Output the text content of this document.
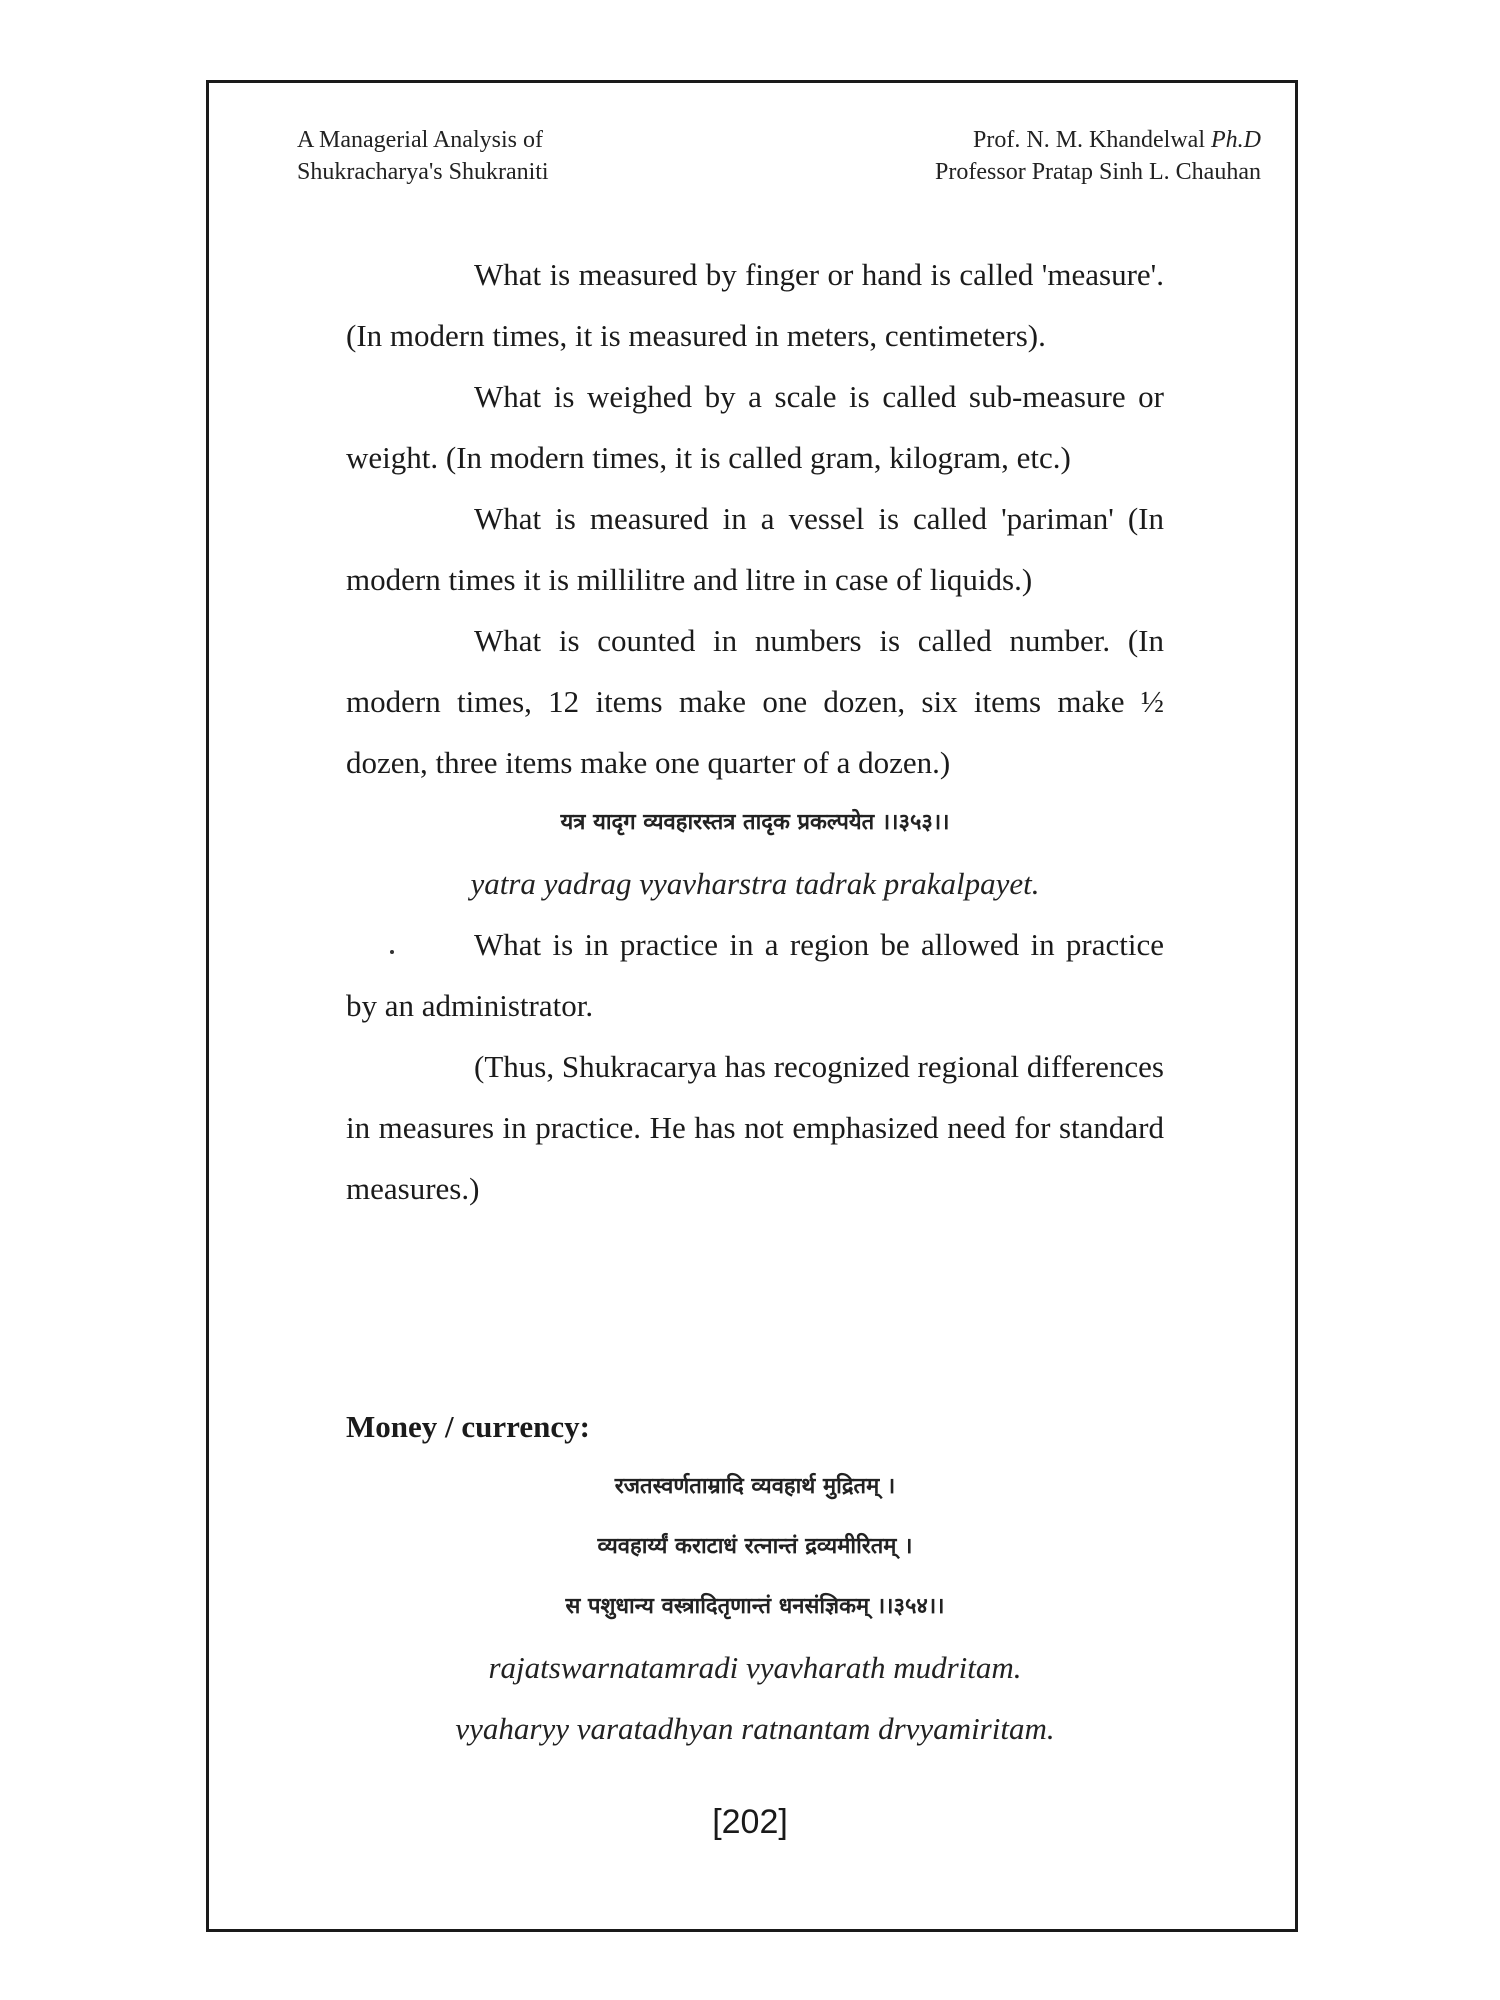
A Managerial Analysis of
Shukracharya's Shukraniti
Prof. N. M. Khandelwal Ph.D
Professor Pratap Sinh L. Chauhan

What is measured by finger or hand is called 'measure'. (In modern times, it is measured in meters, centimeters).

What is weighed by a scale is called sub-measure or weight. (In modern times, it is called gram, kilogram, etc.)

What is measured in a vessel is called 'pariman' (In modern times it is millilitre and litre in case of liquids.)

What is counted in numbers is called number. (In modern times, 12 items make one dozen, six items make ½ dozen, three items make one quarter of a dozen.)

यत्र यादृग व्यवहारस्तत्र तादृक प्रकल्पयेत ।।३५३।।

yatra yadrag vyavharstra tadrak prakalpayet.

What is in practice in a region be allowed in practice by an administrator.

(Thus, Shukracarya has recognized regional differences in measures in practice. He has not emphasized need for standard measures.)

Money / currency:

रजतस्वर्णताम्रादि व्यवहार्थ मुद्रितम् ।

व्यवहार्य्यं कराटाधं रत्नान्तं द्रव्यमीरितम् ।

स पशुधान्य वस्त्रादितृणान्तं धनसंज्ञिकम् ।।३५४।।

rajatswarnatamradi vyavharath mudritam.

vyaharyy varatadhyan ratnantam drvyamiritam.

[202]
